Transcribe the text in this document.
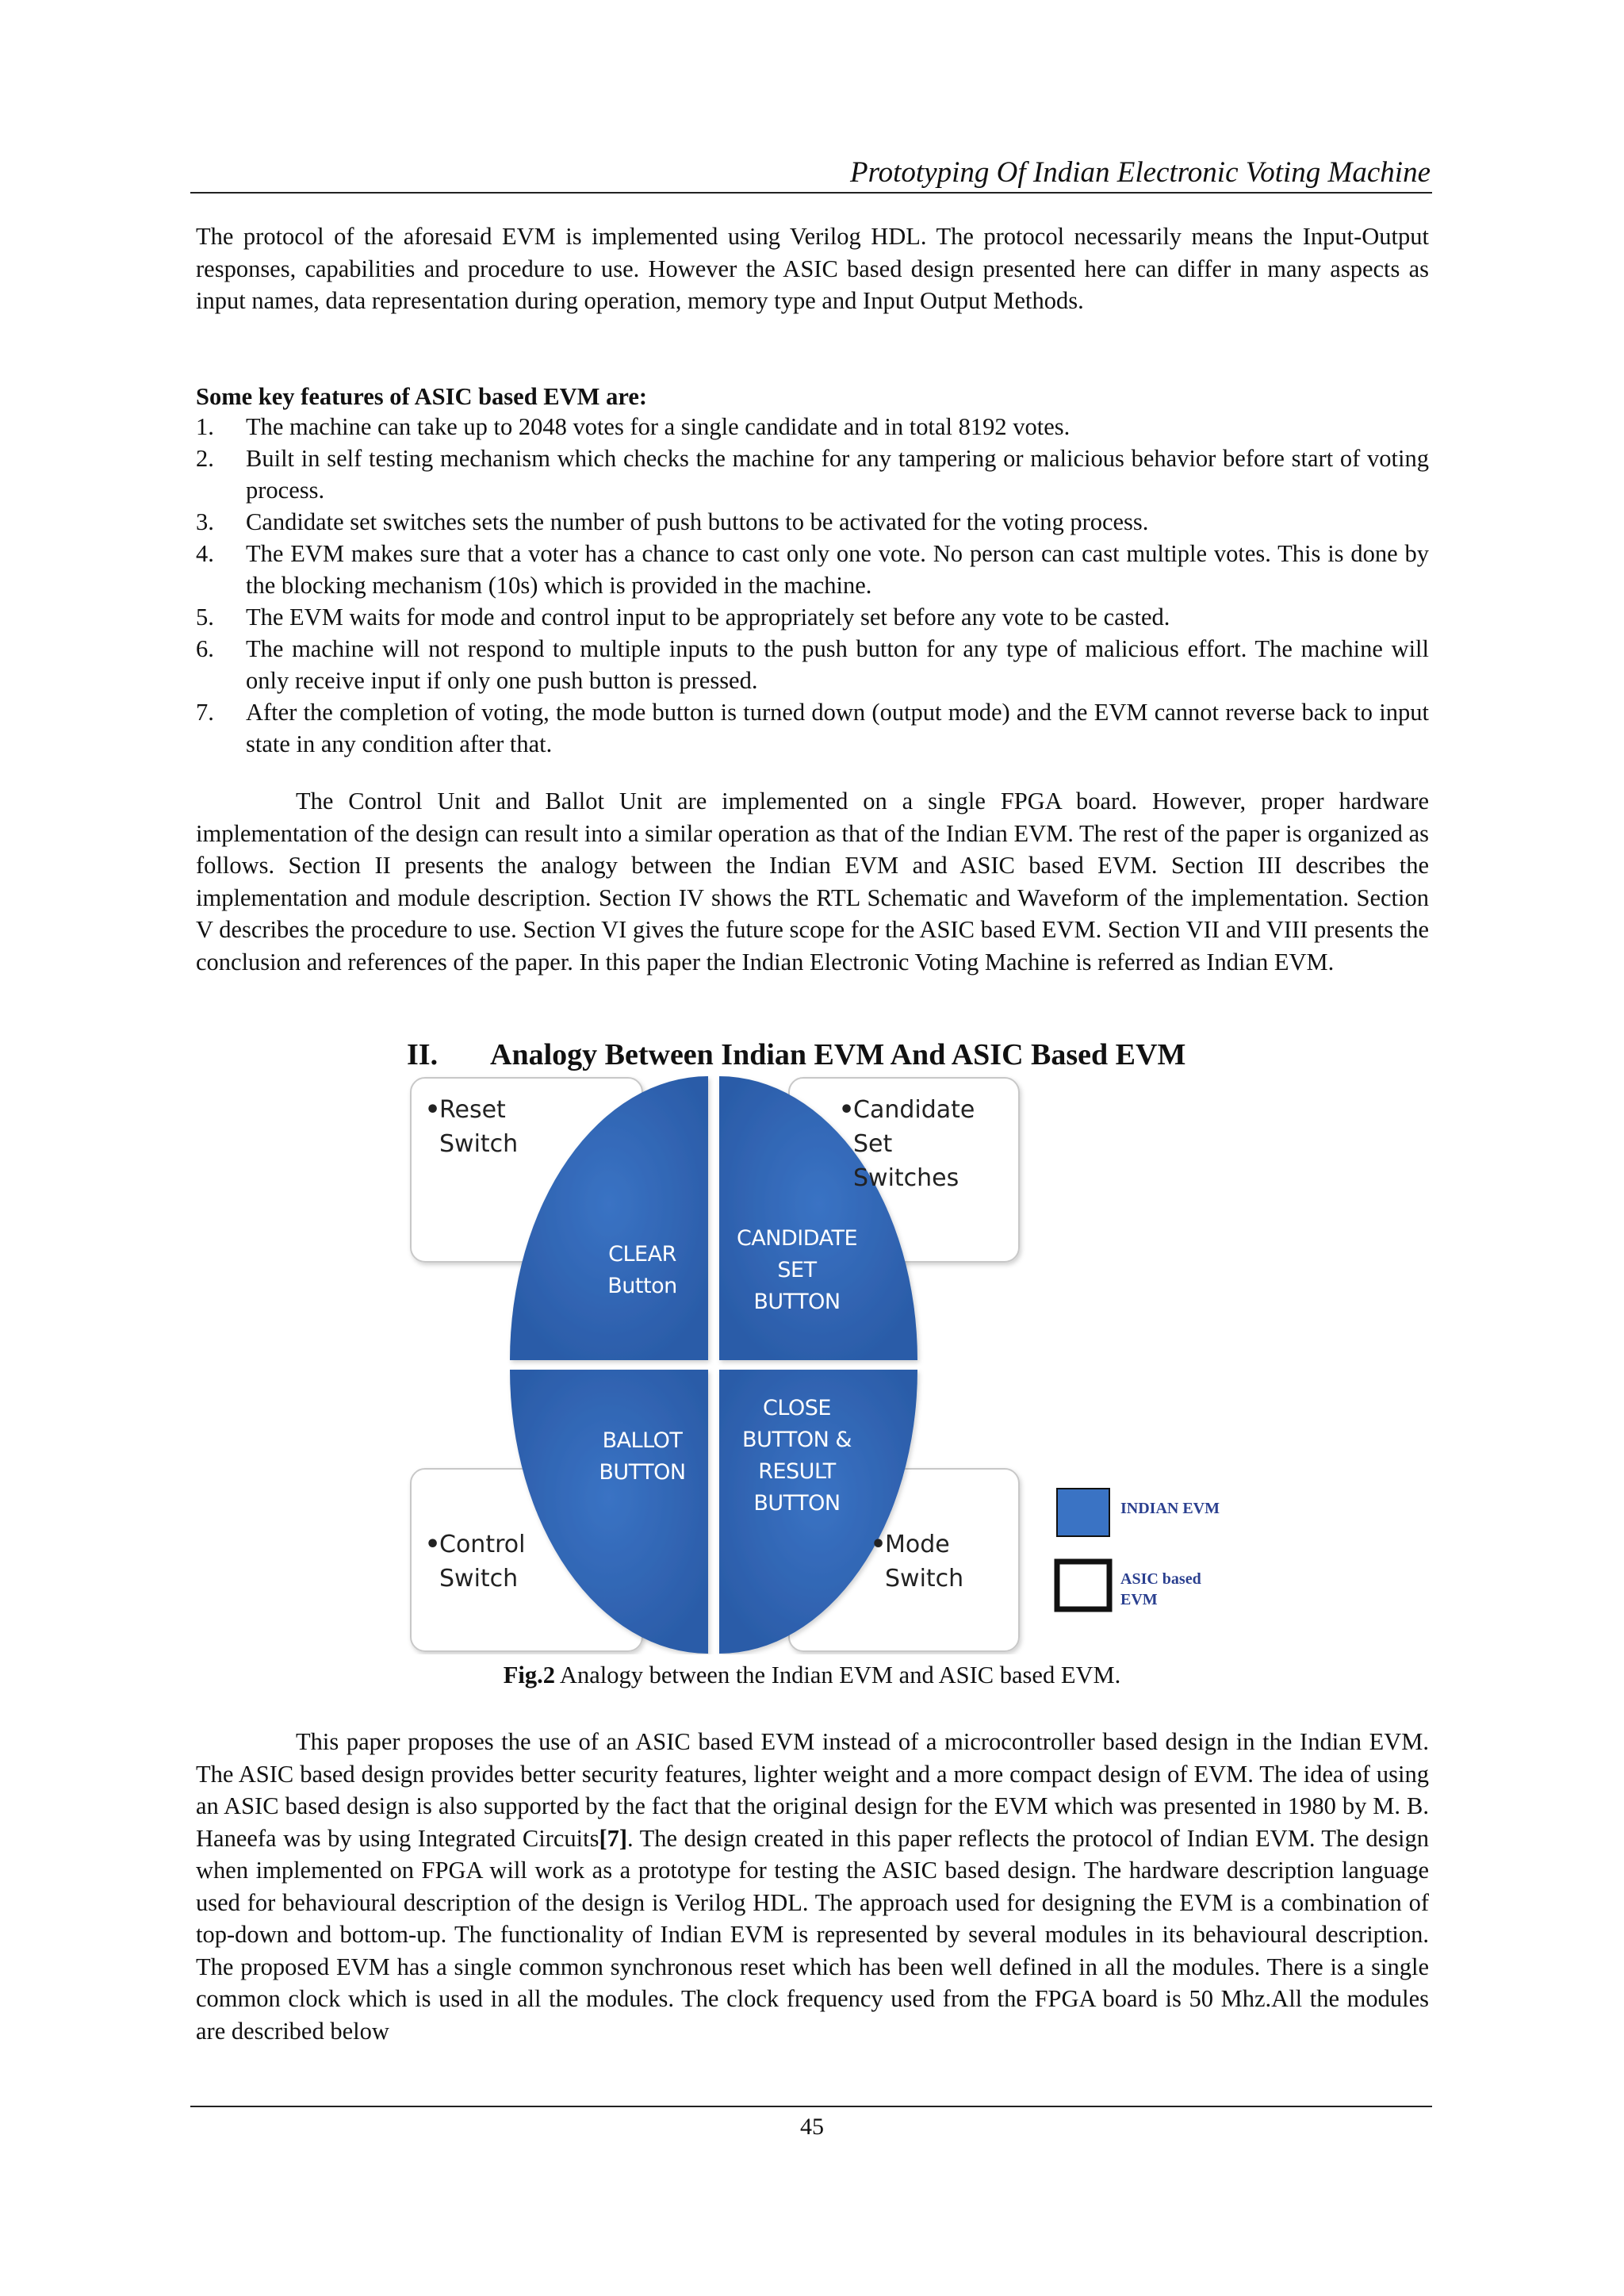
Prototyping Of Indian Electronic Voting Machine

The protocol of the aforesaid EVM is implemented using Verilog HDL. The protocol necessarily means the Input-Output responses, capabilities and procedure to use. However the ASIC based design presented here can differ in many aspects as input names, data representation during operation, memory type and Input Output Methods.

Some key features of ASIC based EVM are:
1. The machine can take up to 2048 votes for a single candidate and in total 8192 votes.
2. Built in self testing mechanism which checks the machine for any tampering or malicious behavior before start of voting process.
3. Candidate set switches sets the number of push buttons to be activated for the voting process.
4. The EVM makes sure that a voter has a chance to cast only one vote. No person can cast multiple votes. This is done by the blocking mechanism (10s) which is provided in the machine.
5. The EVM waits for mode and control input to be appropriately set before any vote to be casted.
6. The machine will not respond to multiple inputs to the push button for any type of malicious effort. The machine will only receive input if only one push button is pressed.
7. After the completion of voting, the mode button is turned down (output mode) and the EVM cannot reverse back to input state in any condition after that.

The Control Unit and Ballot Unit are implemented on a single FPGA board. However, proper hardware implementation of the design can result into a similar operation as that of the Indian EVM. The rest of the paper is organized as follows. Section II presents the analogy between the Indian EVM and ASIC based EVM. Section III describes the implementation and module description. Section IV shows the RTL Schematic and Waveform of the implementation. Section V describes the procedure to use. Section VI gives the future scope for the ASIC based EVM. Section VII and VIII presents the conclusion and references of the paper. In this paper the Indian Electronic Voting Machine is referred as Indian EVM.

II. Analogy Between Indian EVM And ASIC Based EVM
•Reset
Switch
•Candidate
Set
Switches
•Control
Switch
•Mode
Switch
CLEAR
Button
CANDIDATE
SET
BUTTON
BALLOT
BUTTON
CLOSE
BUTTON &
RESULT
BUTTON	INDIAN EVM
ASIC based
EVM
Fig.2 Analogy between the Indian EVM and ASIC based EVM.

This paper proposes the use of an ASIC based EVM instead of a microcontroller based design in the Indian EVM. The ASIC based design provides better security features, lighter weight and a more compact design of EVM. The idea of using an ASIC based design is also supported by the fact that the original design for the EVM which was presented in 1980 by M. B. Haneefa was by using Integrated Circuits[7]. The design created in this paper reflects the protocol of Indian EVM. The design when implemented on FPGA will work as a prototype for testing the ASIC based design. The hardware description language used for behavioural description of the design is Verilog HDL. The approach used for designing the EVM is a combination of top-down and bottom-up. The functionality of Indian EVM is represented by several modules in its behavioural description. The proposed EVM has a single common synchronous reset which has been well defined in all the modules. There is a single common clock which is used in all the modules. The clock frequency used from the FPGA board is 50 Mhz.All the modules are described below

45
